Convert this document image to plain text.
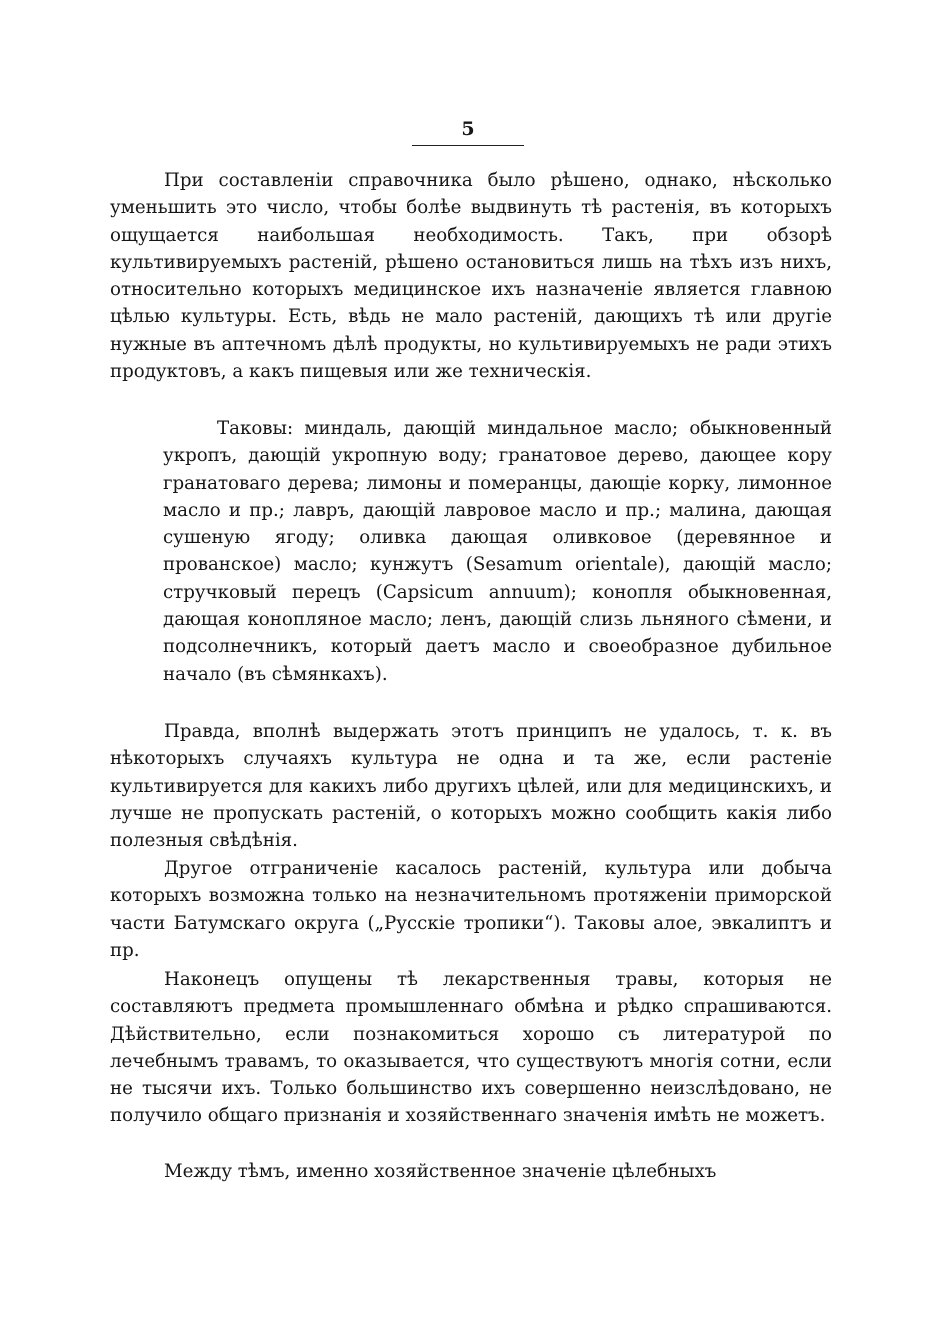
5

При составленіи справочника было рѣшено, однако, нѣсколько уменьшить это число, чтобы болѣе выдвинуть тѣ растенія, въ которыхъ ощущается наибольшая необходимость. Такъ, при обзорѣ культивируемыхъ растеній, рѣшено остановиться лишь на тѣхъ изъ нихъ, относительно которыхъ медицинское ихъ назначеніе является главною цѣлью культуры. Есть, вѣдь не мало растеній, дающихъ тѣ или другіе нужные въ аптечномъ дѣлѣ продукты, но культивируемыхъ не ради этихъ продуктовъ, а какъ пищевыя или же техническія.

Таковы: миндаль, дающій миндальное масло; обыкновенный укропъ, дающій укропную воду; гранатовое дерево, дающее кору гранатоваго дерева; лимоны и померанцы, дающіе корку, лимонное масло и пр.; лавръ, дающій лавровое масло и пр.; малина, дающая сушеную ягоду; оливка дающая оливковое (деревянное и прованское) масло; кунжутъ (Sesamum orientale), дающій масло; стручковый перецъ (Capsicum annuum); конопля обыкновенная, дающая конопляное масло; ленъ, дающій слизь льняного сѣмени, и подсолнечникъ, который даетъ масло и своеобразное дубильное начало (въ сѣмянкахъ).

Правда, вполнѣ выдержать этотъ принципъ не удалось, т. к. въ нѣкоторыхъ случаяхъ культура не одна и та же, если растеніе культивируется для какихъ либо другихъ цѣлей, или для медицинскихъ, и лучше не пропускать растеній, о которыхъ можно сообщить какія либо полезныя свѣдѣнія.

Другое отграниченіе касалось растеній, культура или добыча которыхъ возможна только на незначительномъ протяженіи приморской части Батумскаго округа („Русскіе тропики“). Таковы алое, эвкалиптъ и пр.

Наконецъ опущены тѣ лекарственныя травы, которыя не составляютъ предмета промышленнаго обмѣна и рѣдко спрашиваются. Дѣйствительно, если познакомиться хорошо съ литературой по лечебнымъ травамъ, то оказывается, что существуютъ многія сотни, если не тысячи ихъ. Только большинство ихъ совершенно неизслѣдовано, не получило общаго признанія и хозяйственнаго значенія имѣть не можетъ.

Между тѣмъ, именно хозяйственное значеніе цѣлебныхъ
